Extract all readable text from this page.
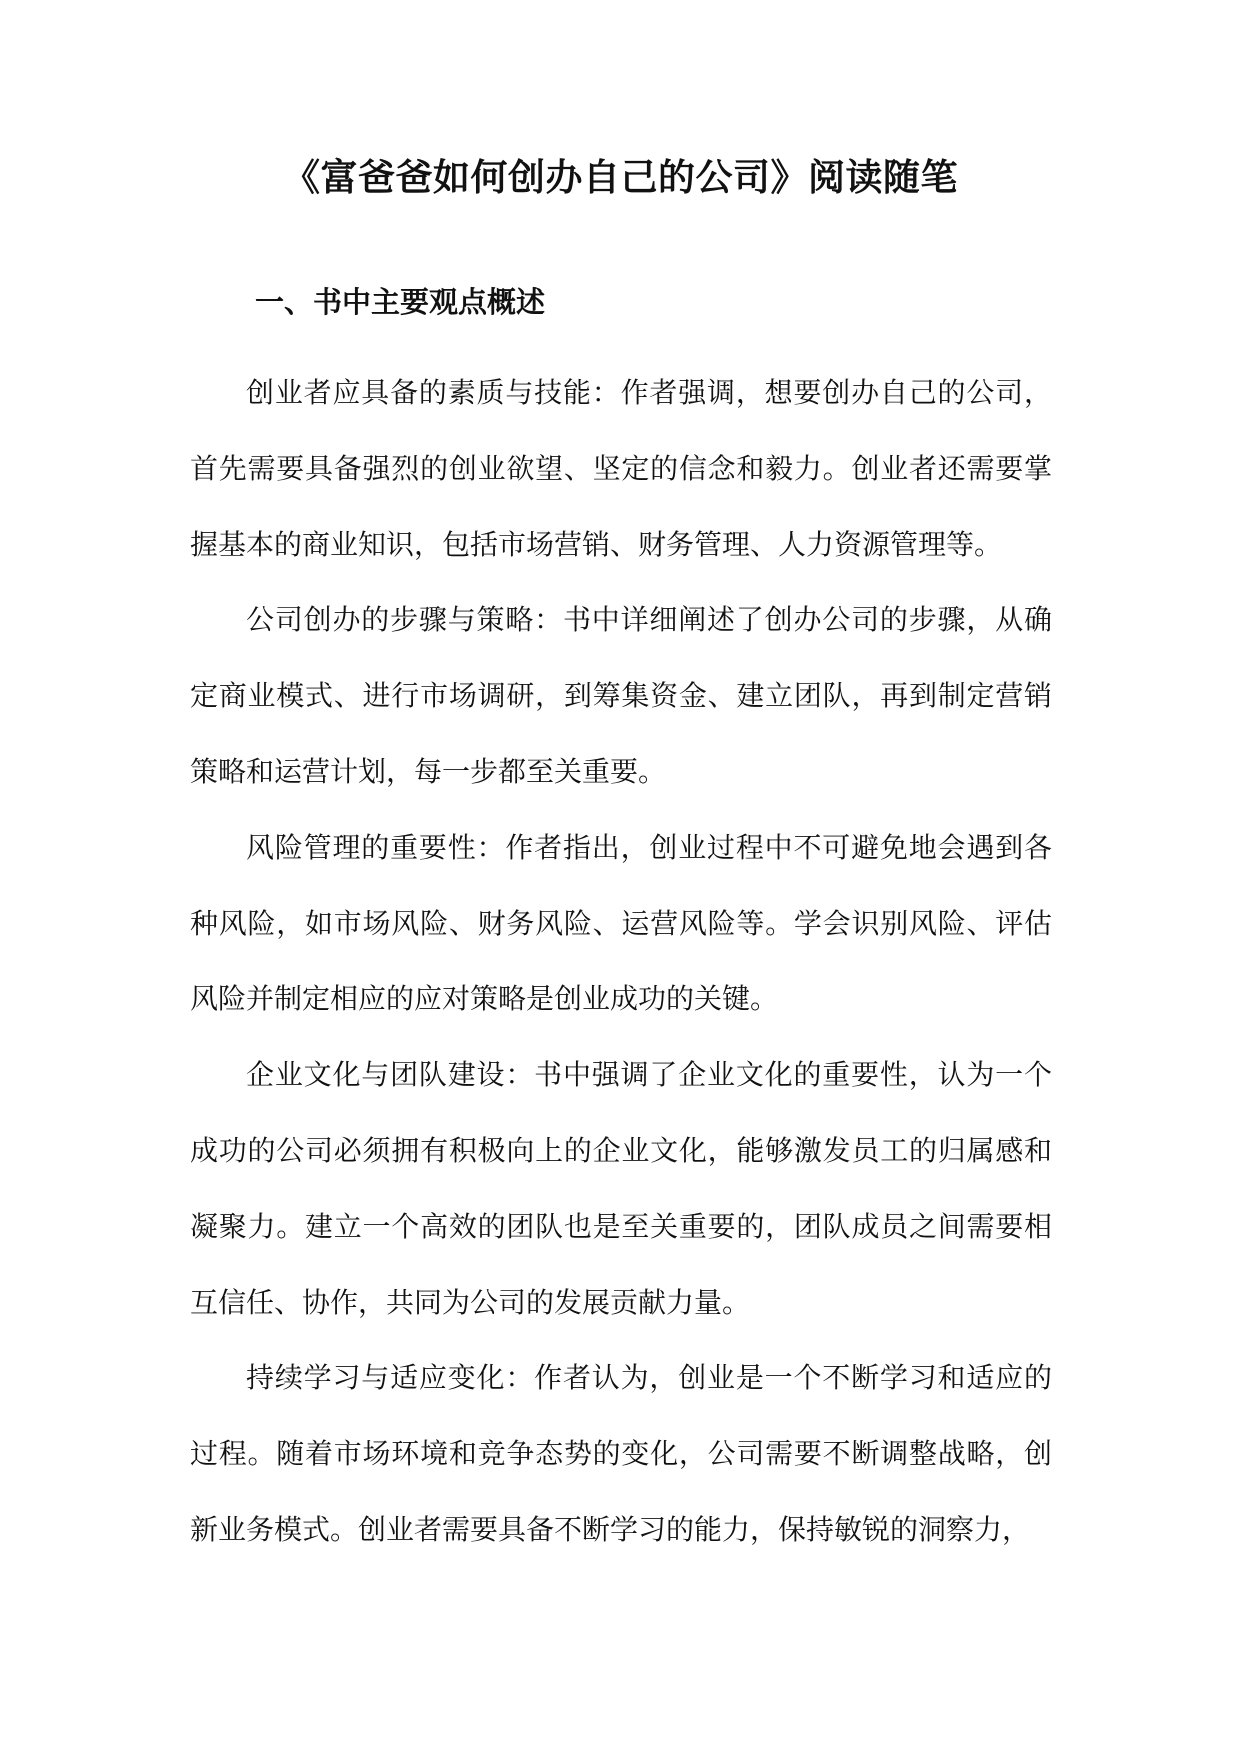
《富爸爸如何创办自己的公司》阅读随笔
一、书中主要观点概述

创业者应具备的素质与技能：作者强调，想要创办自己的公司，首先需要具备强烈的创业欲望、坚定的信念和毅力。创业者还需要掌握基本的商业知识，包括市场营销、财务管理、人力资源管理等。

公司创办的步骤与策略：书中详细阐述了创办公司的步骤，从确定商业模式、进行市场调研，到筹集资金、建立团队，再到制定营销策略和运营计划，每一步都至关重要。

风险管理的重要性：作者指出，创业过程中不可避免地会遇到各种风险，如市场风险、财务风险、运营风险等。学会识别风险、评估风险并制定相应的应对策略是创业成功的关键。

企业文化与团队建设：书中强调了企业文化的重要性，认为一个成功的公司必须拥有积极向上的企业文化，能够激发员工的归属感和凝聚力。建立一个高效的团队也是至关重要的，团队成员之间需要相互信任、协作，共同为公司的发展贡献力量。

持续学习与适应变化：作者认为，创业是一个不断学习和适应的过程。随着市场环境和竞争态势的变化，公司需要不断调整战略，创新业务模式。创业者需要具备不断学习的能力，保持敏锐的洞察力，
